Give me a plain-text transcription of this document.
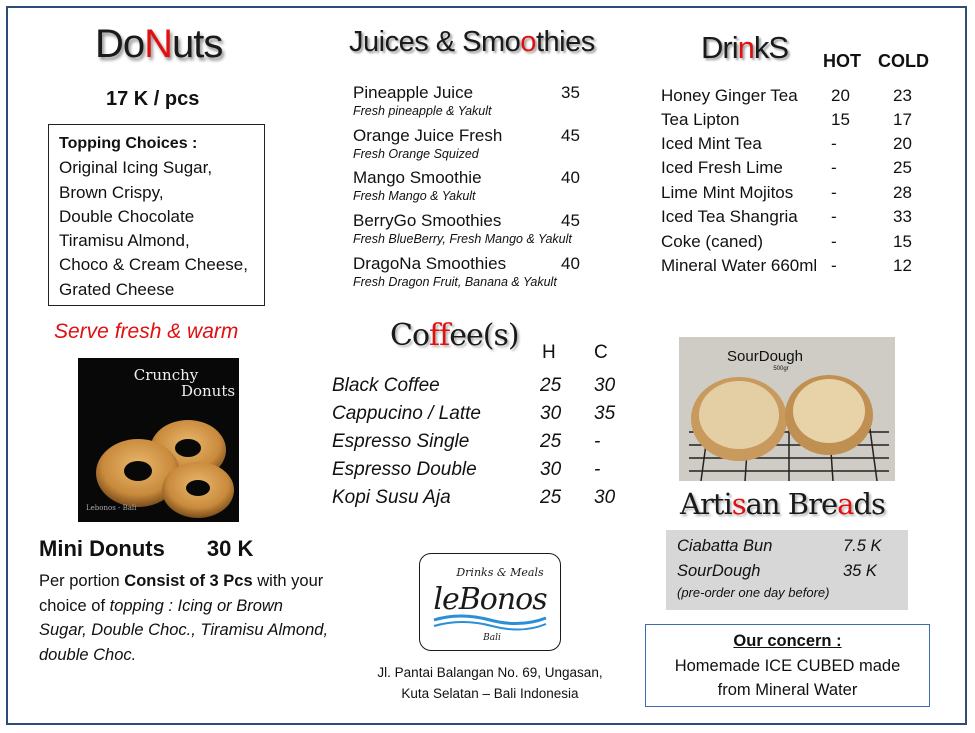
DoNuts
17 K / pcs
Topping Choices :
Original Icing Sugar,
Brown Crispy,
Double Chocolate
Tiramisu Almond,
Choco & Cream Cheese,
Grated Cheese
Serve fresh & warm
Crunchy
Donuts
Lebonos - Bali
Mini Donuts 30 K
Per portion Consist of 3 Pcs with your choice of topping : Icing or Brown Sugar, Double Choc., Tiramisu Almond, double Choc.
Juices & Smoothies
Pineapple Juice	35
Fresh pineapple & Yakult
Orange Juice Fresh	45
Fresh Orange Squized
Mango Smoothie	40
Fresh Mango & Yakult
BerryGo Smoothies	45
Fresh BlueBerry, Fresh Mango & Yakult
DragoNa Smoothies	40
Fresh Dragon Fruit, Banana & Yakult
Coffee(s) H C
Black Coffee	25 30
Cappucino / Latte	30 35
Espresso Single	25 -
Espresso Double	30 -
Kopi Susu Aja	25 30
Drinks & Meals
leBonos
Bali
Jl. Pantai Balangan No. 69, Ungasan,
Kuta Selatan – Bali Indonesia
DrinkS HOT COLD
Honey Ginger Tea 20	23
Tea Lipton	15	17
Iced Mint Tea	-	20
Iced Fresh Lime	-	25
Lime Mint Mojitos -	28
Iced Tea Shangria -	33
Coke (caned)	-	15
Mineral Water 660ml -	12
SourDough
500gr
Artisan Breads
Ciabatta Bun	7.5 K
SourDough	35 K
(pre-order one day before)
Our concern :
Homemade ICE CUBED made
from Mineral Water
